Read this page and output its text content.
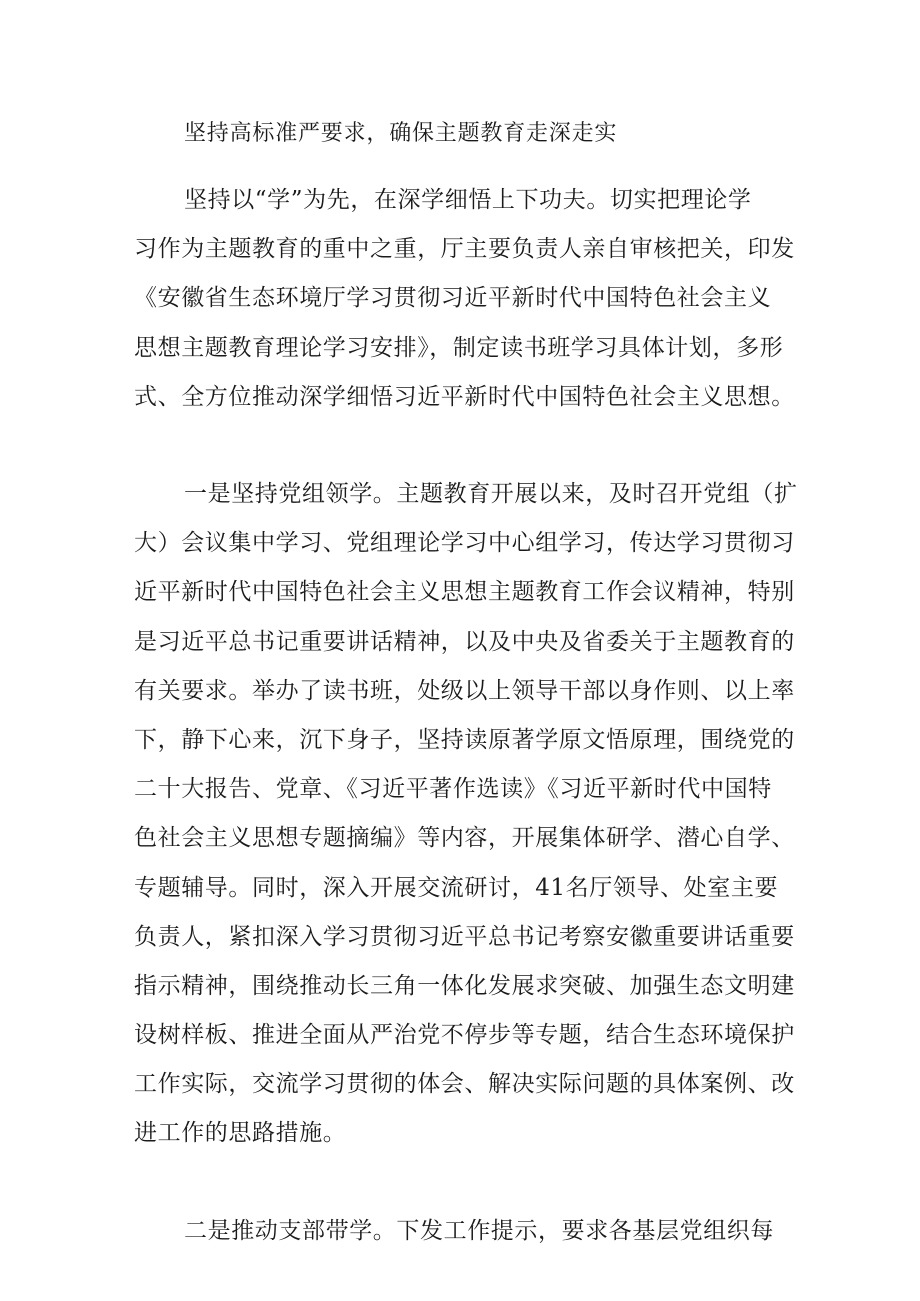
坚持高标准严要求，确保主题教育走深走实

坚持以“学”为先，在深学细悟上下功夫。切实把理论学
习作为主题教育的重中之重，厅主要负责人亲自审核把关，印发
《安徽省生态环境厅学习贯彻习近平新时代中国特色社会主义
思想主题教育理论学习安排》，制定读书班学习具体计划，多形
式、全方位推动深学细悟习近平新时代中国特色社会主义思想。

一是坚持党组领学。主题教育开展以来，及时召开党组（扩
大）会议集中学习、党组理论学习中心组学习，传达学习贯彻习
近平新时代中国特色社会主义思想主题教育工作会议精神，特别
是习近平总书记重要讲话精神，以及中央及省委关于主题教育的
有关要求。举办了读书班，处级以上领导干部以身作则、以上率
下，静下心来，沉下身子，坚持读原著学原文悟原理，围绕党的
二十大报告、党章、《习近平著作选读》《习近平新时代中国特
色社会主义思想专题摘编》等内容，开展集体研学、潜心自学、
专题辅导。同时，深入开展交流研讨，41名厅领导、处室主要
负责人，紧扣深入学习贯彻习近平总书记考察安徽重要讲话重要
指示精神，围绕推动长三角一体化发展求突破、加强生态文明建
设树样板、推进全面从严治党不停步等专题，结合生态环境保护
工作实际，交流学习贯彻的体会、解决实际问题的具体案例、改
进工作的思路措施。

二是推动支部带学。下发工作提示，要求各基层党组织每
